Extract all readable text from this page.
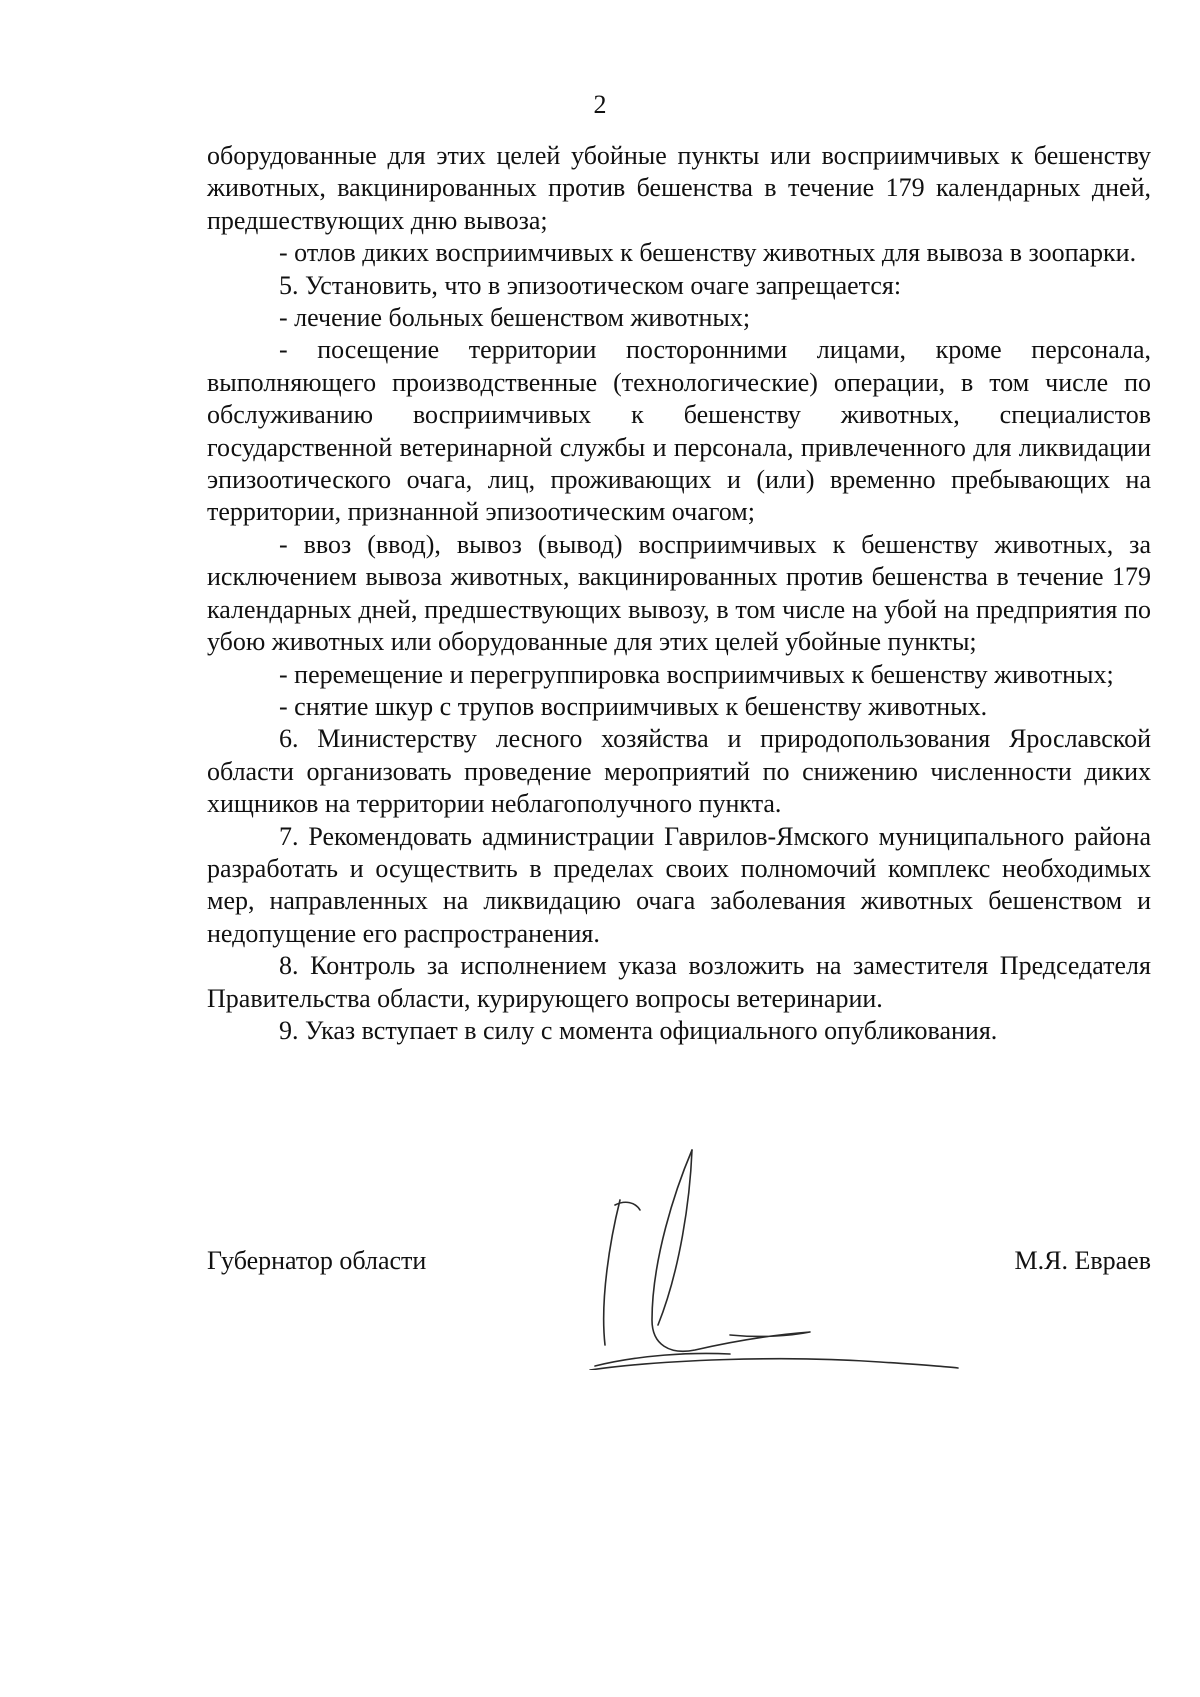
2

оборудованные для этих целей убойные пункты или восприимчивых к бешенству животных, вакцинированных против бешенства в течение 179 календарных дней, предшествующих дню вывоза;

- отлов диких восприимчивых к бешенству животных для вывоза в зоопарки.

5. Установить, что в эпизоотическом очаге запрещается:

- лечение больных бешенством животных;

- посещение территории посторонними лицами, кроме персонала, выполняющего производственные (технологические) операции, в том числе по обслуживанию восприимчивых к бешенству животных, специалистов государственной ветеринарной службы и персонала, привлеченного для ликвидации эпизоотического очага, лиц, проживающих и (или) временно пребывающих на территории, признанной эпизоотическим очагом;

- ввоз (ввод), вывоз (вывод) восприимчивых к бешенству животных, за исключением вывоза животных, вакцинированных против бешенства в течение 179 календарных дней, предшествующих вывозу, в том числе на убой на предприятия по убою животных или оборудованные для этих целей убойные пункты;

- перемещение и перегруппировка восприимчивых к бешенству животных;

- снятие шкур с трупов восприимчивых к бешенству животных.

6. Министерству лесного хозяйства и природопользования Ярославской области организовать проведение мероприятий по снижению численности диких хищников на территории неблагополучного пункта.

7. Рекомендовать администрации Гаврилов-Ямского муниципального района разработать и осуществить в пределах своих полномочий комплекс необходимых мер, направленных на ликвидацию очага заболевания животных бешенством и недопущение его распространения.

8. Контроль за исполнением указа возложить на заместителя Председателя Правительства области, курирующего вопросы ветеринарии.

9. Указ вступает в силу с момента официального опубликования.

Губернатор области	М.Я. Евраев
